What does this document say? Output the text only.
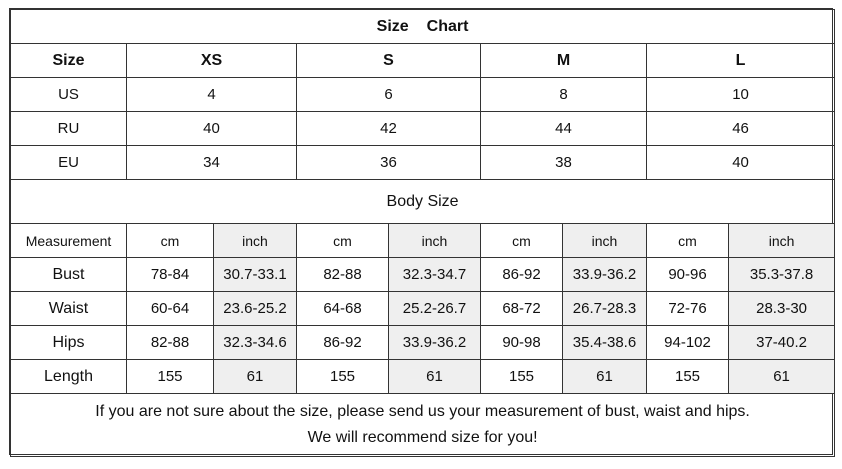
Size Chart								
Size	XS		S		M		L	
US	4		6		8		10	
RU	40		42		44		46	
EU	34		36		38		40	
Body Size								
Measurement	cm	inch	cm	inch	cm	inch	cm	inch
Bust	78-84	30.7-33.1	82-88	32.3-34.7	86-92	33.9-36.2	90-96	35.3-37.8
Waist	60-64	23.6-25.2	64-68	25.2-26.7	68-72	26.7-28.3	72-76	28.3-30
Hips	82-88	32.3-34.6	86-92	33.9-36.2	90-98	35.4-38.6	94-102	37-40.2
Length	155	61	155	61	155	61	155	61

If you are not sure about the size, please send us your measurement of bust, waist and hips.
We will recommend size for you!								
